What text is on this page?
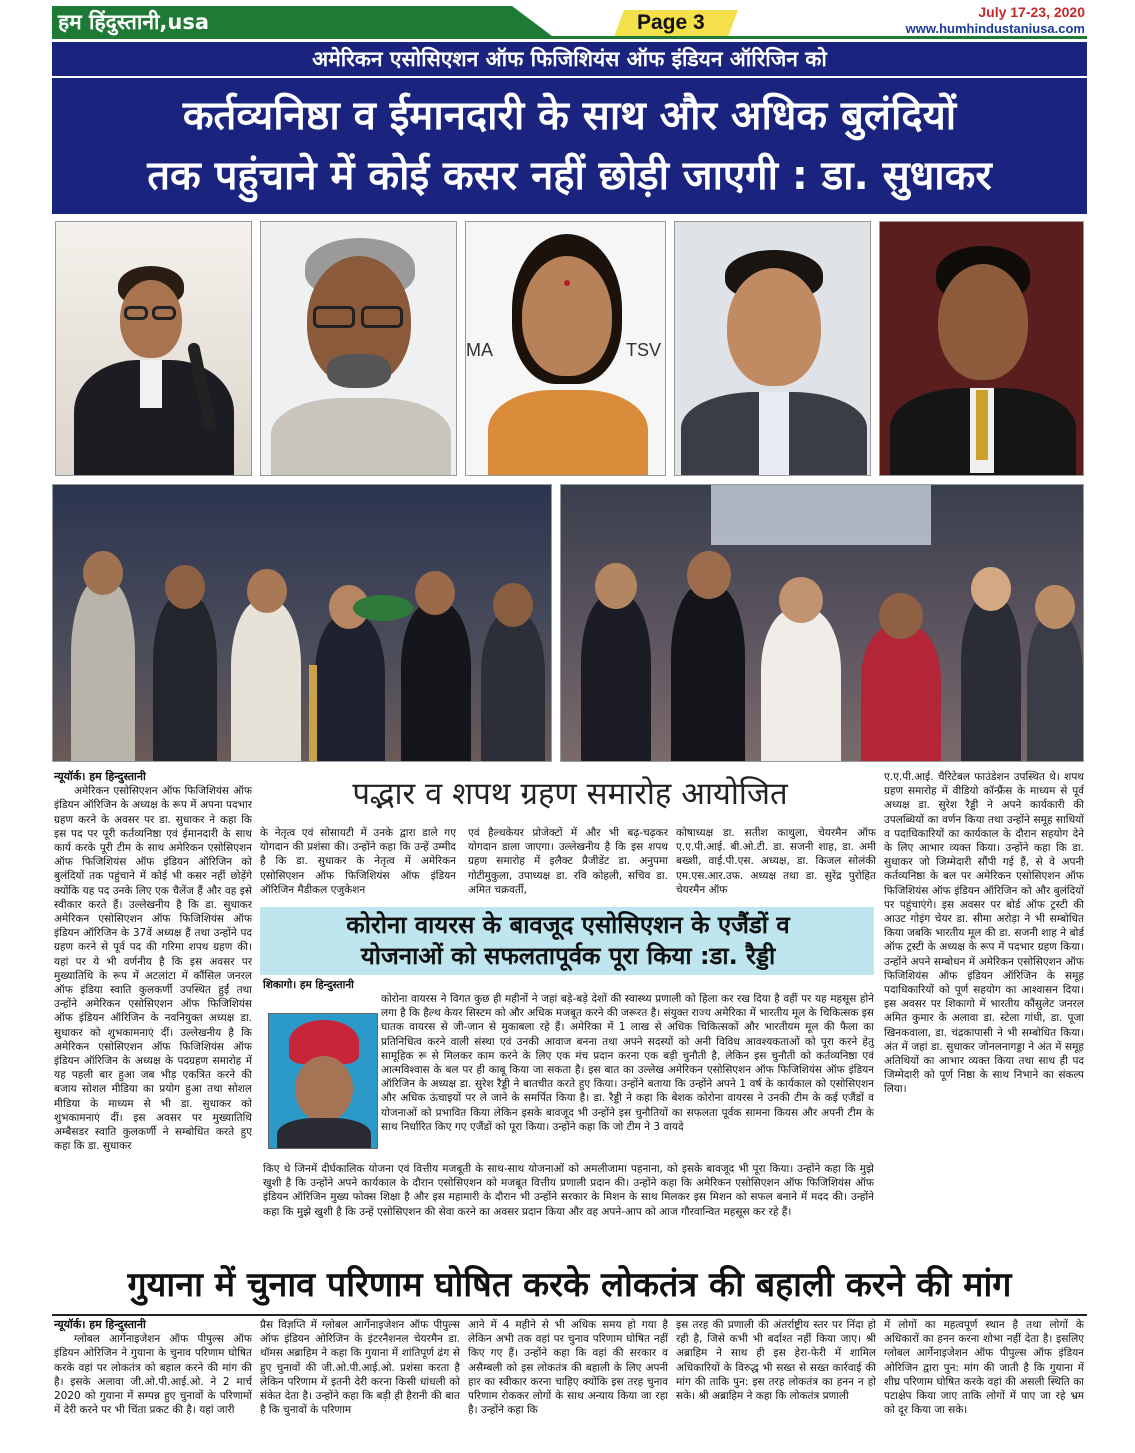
हम हिंदुस्तानी,usa	Page 3	July 17-23, 2020
www.humhindustaniusa.com
अमेरिकन एसोसिएशन ऑफ फिजिशियंस ऑफ इंडियन ऑरिजिन को
कर्तव्यनिष्ठा व ईमानदारी के साथ और अधिक बुलंदियों
तक पहुंचाने में कोई कसर नहीं छोड़ी जाएगी : डा. सुधाकर
MA	TSV
पद्भार व शपथ ग्रहण समारोह आयोजित
न्यूयॉर्क। हम हिन्दुस्तानी
अमेरिकन एसोसिएशन ऑफ फिजिशियंस ऑफ इंडियन ऑरिजिन के अध्यक्ष के रूप में अपना पदभार ग्रहण करने के अवसर पर डा. सुधाकर ने कहा कि इस पद पर पूरी कर्तव्यनिष्ठा एवं ईमानदारी के साथ कार्य करके पूरी टीम के साथ अमेरिकन एसोसिएशन ऑफ फिजिशियंस ऑफ इंडियन ऑरिजिन को बुलंदियों तक पहुंचाने में कोई भी कसर नहीं छोड़ेंगे क्योंकि यह पद उनके लिए एक चैलेंज हैं और वह इसे स्वीकार करते हैं। उल्लेखनीय है कि डा. सुधाकर अमेरिकन एसोसिएशन ऑफ फिजिशियंस ऑफ इंडियन ऑरिजिन के 37वें अध्यक्ष हैं तथा उन्होंने पद ग्रहण करने से पूर्व पद की गरिमा शपथ ग्रहण की। यहां पर ये भी वर्णनीय है कि इस अवसर पर मुख्यातिथि के रूप में अटलांटा में कौंसिल जनरल ऑफ इंडिया स्वाति कुलकर्णी उपस्थित हुईं तथा उन्होंने अमेरिकन एसोसिएशन ऑफ फिजिशियंस ऑफ इंडियन ऑरिजिन के नवनियुक्त अध्यक्ष डा. सुधाकर को शुभकामनाएं दीं। उल्लेखनीय है कि अमेरिकन एसोसिएशन ऑफ फिजिशियंस ऑफ इंडियन ऑरिजिन के अध्यक्ष के पदग्रहण समारोह में यह पहली बार हुआ जब भीड़ एकत्रित करने की बजाय सोशल मीडिया का प्रयोग हुआ तथा सोशल मीडिया के माध्यम से भी डा. सुधाकर को शुभकामनाएं दीं। इस अवसर पर मुख्यातिथि अम्बैसडर स्वाति कुलकर्णी ने सम्बोधित करते हुए कहा कि डा. सुधाकर
के नेतृत्व एवं सोसायटी में उनके द्वारा डाले गए योगदान की प्रशंसा की। उन्होंने कहा कि उन्हें उम्मीद है कि डा. सुधाकर के नेतृत्व में अमेरिकन एसोसिएशन ऑफ फिजिशियंस ऑफ इंडियन ऑरिजिन मैडीकल एजुकेशन
एवं हैल्थकेयर प्रोजेक्टों में और भी बढ़-चढ़कर योगदान डाला जाएगा। उल्लेखनीय है कि इस शपथ ग्रहण समारोह में इलैक्ट प्रैजीडेंट डा. अनुपमा गोटीमुकुला, उपाध्यक्ष डा. रवि कोहली, सचिव डा. अमित चक्रवर्ती,
कोषाध्यक्ष डा. सतीश काथुला, चेयरमैन ऑफ ए.ए.पी.आई. बी.ओ.टी. डा. सजनी शाह, डा. अमी बख्शी, वाई.पी.एस. अध्यक्ष, डा. किजल सोलंकी एम.एस.आर.उफ. अध्यक्ष तथा डा. सुरेंद्र पुरोहित चेयरमैन ऑफ
ए.ए.पी.आई. चैरिटेबल फाउंडेशन उपस्थित थे। शपथ ग्रहण समारोह में वीडियो कॉन्फ्रैंस के माध्यम से पूर्व अध्यक्ष डा. सुरेश रैड्डी ने अपने कार्यकारी की उपलब्धियों का वर्णन किया तथा उन्होंने समूह साथियों व पदाधिकारियों का कार्यकाल के दौरान सहयोग देने के लिए आभार व्यक्त किया। उन्होंने कहा कि डा. सुधाकर जो जिम्मेदारी सौंपी गई हैं, से वे अपनी कर्तव्यनिष्ठा के बल पर अमेरिकन एसोसिएशन ऑफ फिजिशियंस ऑफ इंडियन ऑरिजिन को और बुलंदियों पर पहुंचाएंगे। इस अवसर पर बोर्ड ऑफ ट्रस्टी की आउट गोइंग चेयर डा. सीमा अरोड़ा ने भी सम्बोधित किया जबकि भारतीय मूल की डा. सजनी शाह ने बोर्ड ऑफ ट्रस्टी के अध्यक्ष के रूप में पदभार ग्रहण किया। उन्होंने अपने सम्बोधन में अमेरिकन एसोसिएशन ऑफ फिजिशियंस ऑफ इंडियन ऑरिजिन के समूह पदाधिकारियों को पूर्ण सहयोग का आश्वासन दिया। इस अवसर पर शिकागो में भारतीय कौंसुलेट जनरल अमित कुमार के अलावा डा. स्टेला गांधी, डा. पूजा खिनकवाला, डा. चंद्रकापासी ने भी सम्बोधित किया। अंत में जहां डा. सुधाकर जोनलनागड्डा ने अंत में समूह अतिथियों का आभार व्यक्त किया तथा साथ ही पद जिम्मेदारी को पूर्ण निष्ठा के साथ निभाने का संकल्प लिया।
कोरोना वायरस के बावजूद एसोसिएशन के एजैंडों व
योजनाओं को सफलतापूर्वक पूरा किया :डा. रैड्डी
शिकागो। हम हिन्दुस्तानी
कोरोना वायरस ने विगत कुछ ही महीनों ने जहां बड़े-बड़े देशों की स्वास्थ्य प्रणाली को हिला कर रख दिया है वहीं पर यह महसूस होने लगा है कि हैल्थ केयर सिस्टम को और अधिक मजबूत करने की जरूरत है। संयुक्त राज्य अमेरिका में भारतीय मूल के चिकित्सक इस घातक वायरस से जी-जान से मुकाबला रहे हैं। अमेरिका में 1 लाख से अधिक चिकित्सकों और भारतीयम मूल की फैला का प्रतिनिधित्व करने वाली संस्था एवं उनकी आवाज बनना तथा अपने सदस्यों को अनी विविध आवश्यकताओं को पूरा करने हेतु सामूहिक रू से मिलकर काम करने के लिए एक मंच प्रदान करना एक बड़ी चुनौती है, लेकिन इस चुनौती को कर्तव्यनिष्ठा एवं आत्मविश्वास के बल पर ही काबू किया जा सकता है। इस बात का उल्लेख अमेरिकन एसोसिएशन ऑफ फिजिशियंस ऑफ इंडियन ऑरिजिन के अध्यक्ष डा. सुरेश रैड्डी ने बातचीत करते हुए किया। उन्होंने बताया कि उन्होंने अपने 1 वर्ष के कार्यकाल को एसोसिएशन और अधिक ऊंचाइयों पर ले जाने के समर्पित किया है। डा. रैड्डी ने कहा कि बेशक कोरोना वायरस ने उनकी टीम के कई एजैंडों व योजनाओं को प्रभावित किया लेकिन इसके बावजूद भी उन्होंने इस चुनौतियों का सफलता पूर्वक सामना कियस और अपनी टीम के साथ निर्धारित किए गए एजैंडों को पूरा किया। उन्होंने कहा कि जो टीम ने 3 वायदे
किए थे जिनमें दीर्घकालिक योजना एवं वित्तीय मजबूती के साथ-साथ योजनाओं को अमलीजामा पहनाना, को इसके बावजूद भी पूरा किया। उन्होंने कहा कि मुझे खुशी है कि उन्होंने अपने कार्यकाल के दौरान एसोसिएशन को मजबूत वित्तीय प्रणाली प्रदान की। उन्होंने कहा कि अमेरिकन एसोसिएशन ऑफ फिजिशियंस ऑफ इंडियन ऑरिजिन मुख्य फोक्स शिक्षा है और इस महामारी के दौरान भी उन्होंने सरकार के मिशन के साथ मिलकर इस मिशन को सफल बनाने में मदद की। उन्होंने कहा कि मुझे खुशी है कि उन्हें एसोसिएशन की सेवा करने का अवसर प्रदान किया और वह अपने-आप को आज गौरवान्वित महसूस कर रहे हैं।
गुयाना में चुनाव परिणाम घोषित करके लोकतंत्र की बहाली करने की मांग
न्यूयॉर्क। हम हिन्दुस्तानी
ग्लोबल आर्गेनाइजेशन ऑफ पीपुल्स ऑफ इंडियन ओरिजिन ने गुयाना के चुनाव परिणाम घोषित करके वहां पर लोकतंत्र को बहाल करने की मांग की है। इसके अलावा जी.ओ.पी.आई.ओ. ने 2 मार्च 2020 को गुयाना में सम्पन्न हुए चुनावों के परिणामों में देरी करने पर भी चिंता प्रकट की है। यहां जारी
प्रैस विज्ञप्ति में ग्लोबल आर्गेनाइजेशन ऑफ पीपुल्स ऑफ इंडियन ओरिजिन के इंटरनैशनल चेयरमैन डा. थॉमस अब्राहिम ने कहा कि गुयाना में शांतिपूर्ण ढंग से हुए चुनावों की जी.ओ.पी.आई.ओ. प्रशंसा करता है लेकिन परिणाम में इतनी देरी करना किसी धांधली को संकेत देता है। उन्होंने कहा कि बड़ी ही हैरानी की बात है कि चुनावों के परिणाम
आने में 4 महीने से भी अधिक समय हो गया है लेकिन अभी तक वहां पर चुनाव परिणाम घोषित नहीं किए गए हैं। उन्होंने कहा कि वहां की सरकार व असैम्बली को इस लोकतंत्र की बहाली के लिए अपनी हार का स्वीकार करना चाहिए क्योंकि इस तरह चुनाव परिणाम रोककर लोगों के साथ अन्याय किया जा रहा है। उन्होंने कहा कि
इस तरह की प्रणाली की अंतर्राष्ट्रीय स्तर पर निंदा हो रही है, जिसे कभी भी बर्दाश्त नहीं किया जाए। श्री अब्राहिम ने साथ ही इस हेरा-फेरी में शामिल अधिकारियों के विरुद्ध भी सख्त से सख्त कार्रवाई की मांग की ताकि पुन: इस तरह लोकतंत्र का हनन न हो सके। श्री अब्राहिम ने कहा कि लोकतंत्र प्रणाली
में लोगों का महत्वपूर्ण स्थान है तथा लोगों के अधिकारों का हनन करना शोभा नहीं देता है। इसलिए ग्लोबल आर्गेनाइजेशन ऑफ पीपुल्स ऑफ इंडियन ओरिजिन द्वारा पुन: मांग की जाती है कि गुयाना में शीघ्र परिणाम घोषित करके वहां की असली स्थिति का पटाक्षेप किया जाए ताकि लोगों में पाए जा रहे भ्रम को दूर किया जा सके।
